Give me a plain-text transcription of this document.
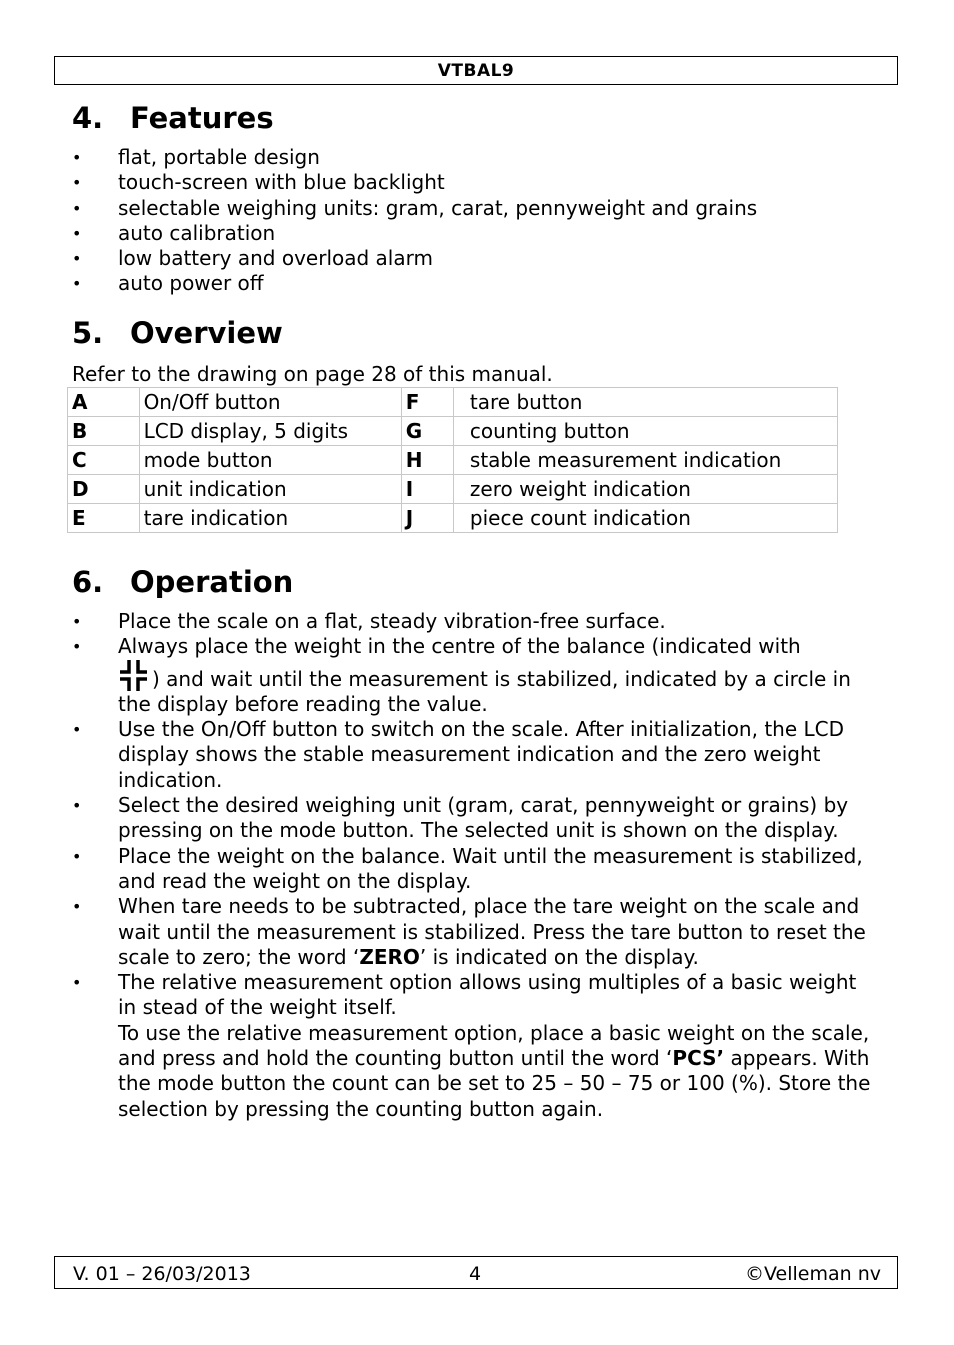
VTBAL9
4. Features
• flat, portable design
• touch-screen with blue backlight
• selectable weighing units: gram, carat, pennyweight and grains
• auto calibration
• low battery and overload alarm
• auto power off
5. Overview

Refer to the drawing on page 28 of this manual.

A	On/Off button	F	tare button
B	LCD display, 5 digits	G	counting button
C	mode button	H	stable measurement indication
D	unit indication	I	zero weight indication
E	tare indication	J	piece count indication
6. Operation
• Place the scale on a flat, steady vibration-free surface.
• Always place the weight in the centre of the balance (indicated with
) and wait until the measurement is stabilized, indicated by a circle in the display before reading the value.
• Use the On/Off button to switch on the scale. After initialization, the LCD display shows the stable measurement indication and the zero weight indication.
• Select the desired weighing unit (gram, carat, pennyweight or grains) by pressing on the mode button. The selected unit is shown on the display.
• Place the weight on the balance. Wait until the measurement is stabilized, and read the weight on the display.
• When tare needs to be subtracted, place the tare weight on the scale and wait until the measurement is stabilized. Press the tare button to reset the scale to zero; the word ‘ZERO’ is indicated on the display.
• The relative measurement option allows using multiples of a basic weight in stead of the weight itself.
To use the relative measurement option, place a basic weight on the scale, and press and hold the counting button until the word ‘PCS’ appears. With the mode button the count can be set to 25 – 50 – 75 or 100 (%). Store the selection by pressing the counting button again.
V. 01 – 26/03/2013	4	©Velleman nv
